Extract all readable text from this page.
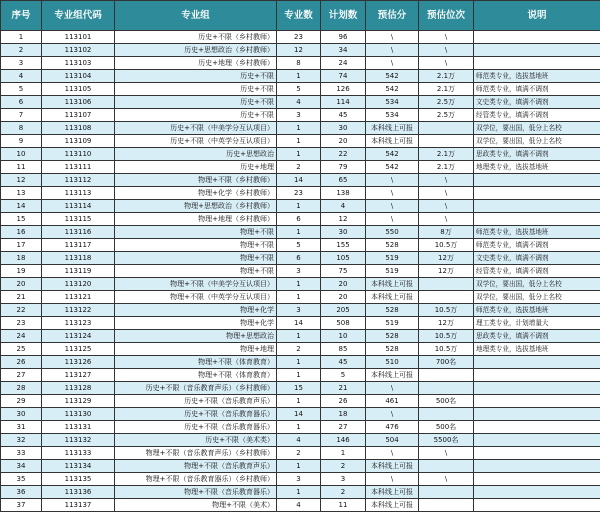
序号	专业组代码	专业组	专业数	计划数	预估分	预估位次	说明
1	113101	历史+不限（乡村教师）	23	96	\	\	
2	113102	历史+思想政治（乡村教师）	12	34	\	\	
3	113103	历史+地理（乡村教师）	8	24	\	\	
4	113104	历史+不限	1	74	542	2.1万	师范类专业，选拔基地班
5	113105	历史+不限	5	126	542	2.1万	师范类专业，填满不调剂
6	113106	历史+不限	4	114	534	2.5万	文史类专业，填满不调剂
7	113107	历史+不限	3	45	534	2.5万	经管类专业，填满不调剂
8	113108	历史+不限（中美学分互认项目）	1	30	本科线上可报		双学位，要出国，低分上名校
9	113109	历史+不限（中英学分互认项目）	1	20	本科线上可报		双学位，要出国，低分上名校
10	113110	历史+思想政治	1	22	542	2.1万	思政类专业，填满不调剂
11	113111	历史+地理	2	79	542	2.1万	地理类专业，选拔基地班
12	113112	物理+不限（乡村教师）	14	65	\	\	
13	113113	物理+化学（乡村教师）	23	138	\	\	
14	113114	物理+思想政治（乡村教师）	1	4	\	\	
15	113115	物理+地理（乡村教师）	6	12	\	\	
16	113116	物理+不限	1	30	550	8万	师范类专业，选拔基地班
17	113117	物理+不限	5	155	528	10.5万	师范类专业，填满不调剂
18	113118	物理+不限	6	105	519	12万	文史类专业，填满不调剂
19	113119	物理+不限	3	75	519	12万	经管类专业，填满不调剂
20	113120	物理+不限（中美学分互认项目）	1	20	本科线上可报		双学位，要出国，低分上名校
21	113121	物理+不限（中英学分互认项目）	1	20	本科线上可报		双学位，要出国，低分上名校
22	113122	物理+化学	3	205	528	10.5万	师范类专业，选拔基地班
23	113123	物理+化学	14	508	519	12万	理工类专业，计划增量大
24	113124	物理+思想政治	1	10	528	10.5万	思政类专业，填满不调剂
25	113125	物理+地理	2	85	528	10.5万	地理类专业，选拔基地班
26	113126	物理+不限（体育教育）	1	45	510	700名	
27	113127	物理+不限（体育教育）	1	5	本科线上可报		
28	113128	历史+不限（音乐教育声乐）（乡村教师）	15	21	\		
29	113129	历史+不限（音乐教育声乐）	1	26	461	500名	
30	113130	历史+不限（音乐教育器乐）	14	18	\		
31	113131	历史+不限（音乐教育器乐）	1	27	476	500名	
32	113132	历史+不限（美术类）	4	146	504	5500名	
33	113133	物理+不限（音乐教育声乐）（乡村教师）	2	1	\	\	
34	113134	物理+不限（音乐教育声乐）	1	2	本科线上可报		
35	113135	物理+不限（音乐教育器乐）（乡村教师）	3	3	\	\	
36	113136	物理+不限（音乐教育器乐）	1	2	本科线上可报		
37	113137	物理+不限（美术）	4	11	本科线上可报		
